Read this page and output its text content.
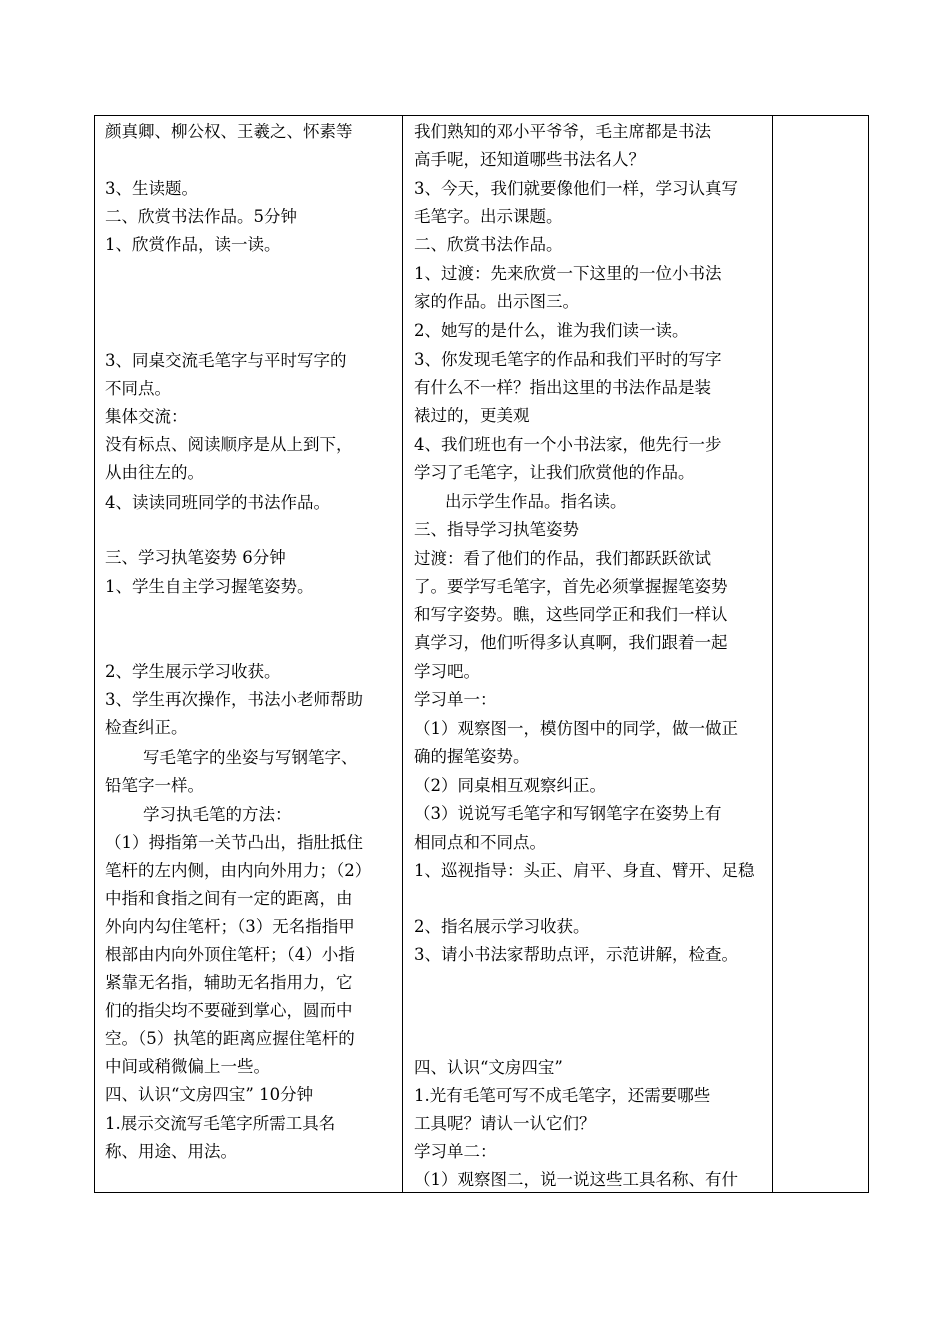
颜真卿、柳公权、王羲之、怀素等
3、生读题。
二、欣赏书法作品。5分钟
1、欣赏作品，读一读。
3、同桌交流毛笔字与平时写字的
不同点。
集体交流：
没有标点、阅读顺序是从上到下，
从由往左的。
4、读读同班同学的书法作品。
三、学习执笔姿势 6分钟
1、学生自主学习握笔姿势。
2、学生展示学习收获。
3、学生再次操作，书法小老师帮助
检查纠正。
写毛笔字的坐姿与写钢笔字、
铅笔字一样。
学习执毛笔的方法：
（1）拇指第一关节凸出，指肚抵住
笔杆的左内侧，由内向外用力；（2）
中指和食指之间有一定的距离，由
外向内勾住笔杆；（3）无名指指甲
根部由内向外顶住笔杆；（4）小指
紧靠无名指，辅助无名指用力，它
们的指尖均不要碰到掌心，圆而中
空。（5）执笔的距离应握住笔杆的
中间或稍微偏上一些。
四、认识“文房四宝” 10分钟
1.展示交流写毛笔字所需工具名
称、用途、用法。
我们熟知的邓小平爷爷，毛主席都是书法
高手呢，还知道哪些书法名人？
3、今天，我们就要像他们一样，学习认真写
毛笔字。出示课题。
二、欣赏书法作品。
1、过渡：先来欣赏一下这里的一位小书法
家的作品。出示图三。
2、她写的是什么，谁为我们读一读。
3、你发现毛笔字的作品和我们平时的写字
有什么不一样？指出这里的书法作品是装
裱过的，更美观
4、我们班也有一个小书法家，他先行一步
学习了毛笔字，让我们欣赏他的作品。
出示学生作品。指名读。
三、指导学习执笔姿势
过渡：看了他们的作品，我们都跃跃欲试
了。要学写毛笔字，首先必须掌握握笔姿势
和写字姿势。瞧，这些同学正和我们一样认
真学习，他们听得多认真啊，我们跟着一起
学习吧。
学习单一：
（1）观察图一，模仿图中的同学，做一做正
确的握笔姿势。
（2）同桌相互观察纠正。
（3）说说写毛笔字和写钢笔字在姿势上有
相同点和不同点。
1、巡视指导：头正、肩平、身直、臂开、足稳
2、指名展示学习收获。
3、请小书法家帮助点评，示范讲解，检查。
四、认识“文房四宝”
1.光有毛笔可写不成毛笔字，还需要哪些
工具呢？请认一认它们？
学习单二：
（1）观察图二，说一说这些工具名称、有什
